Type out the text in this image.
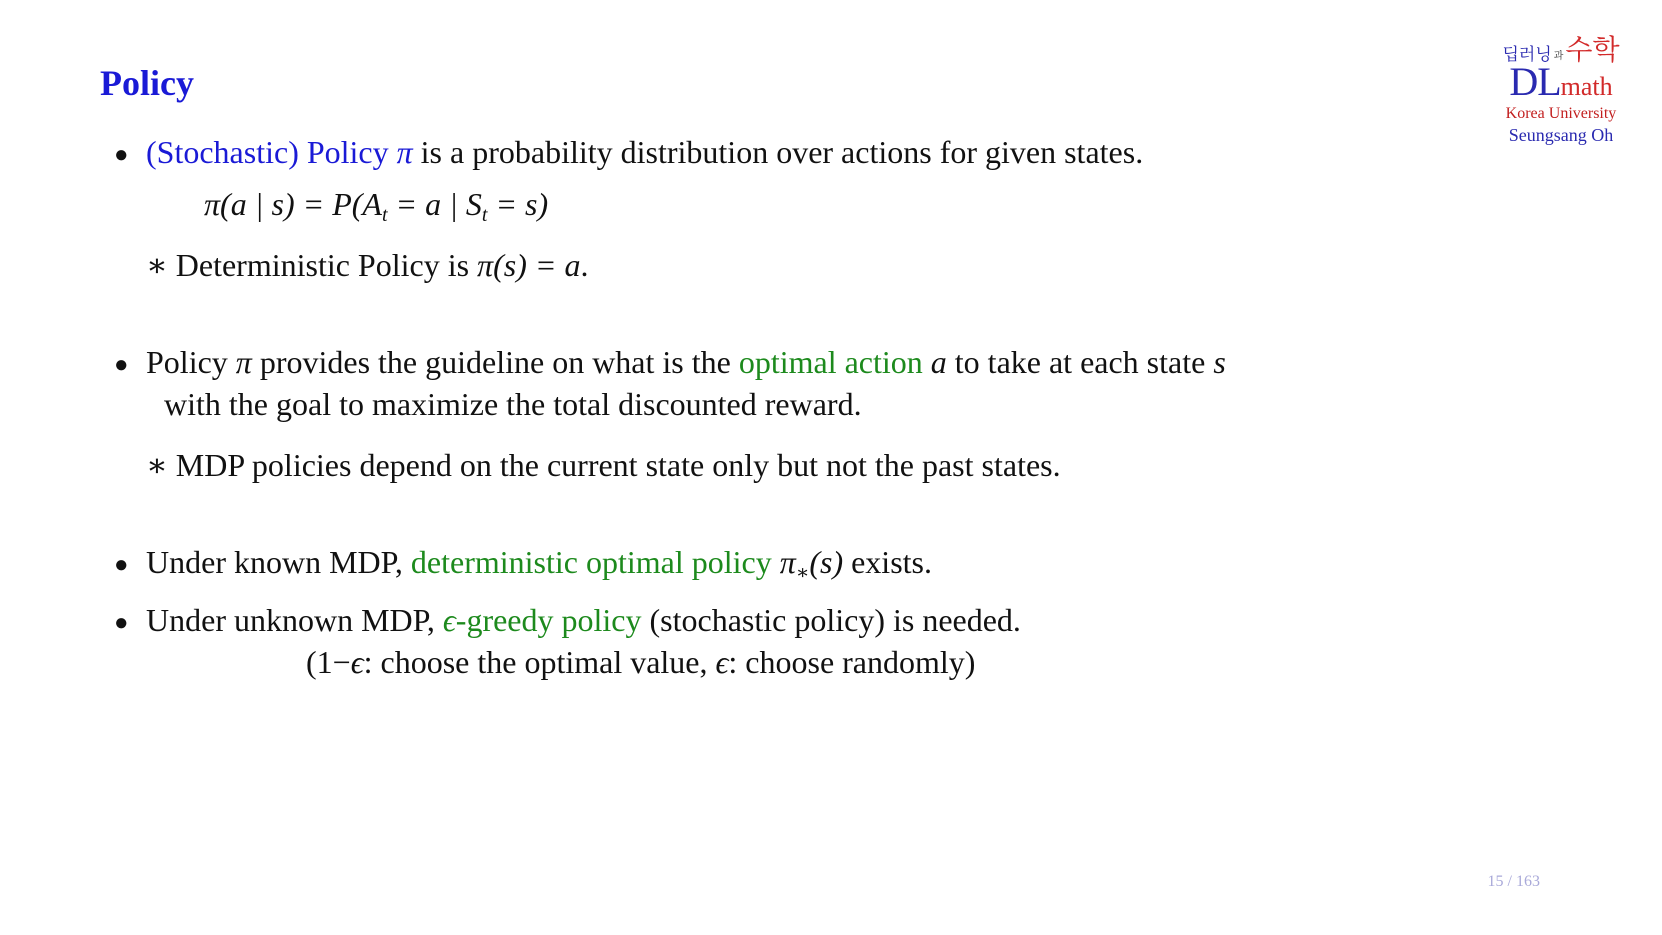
Policy
딥러닝 과 수학
DLmath
Korea University
Seungsang Oh
● (Stochastic) Policy π is a probability distribution over actions for given states.

π(a | $s) = P(A_t = a$ | $S_t = s$)

∗ Deterministic Policy is π(s) = a.

● Policy π provides the guideline on what is the optimal action a to take at each state s

with the goal to maximize the total discounted reward.

∗ MDP policies depend on the current state only but not the past states.

● Under known MDP, deterministic optimal policy π∗(s) exists.

● Under unknown MDP, ϵ-greedy policy (stochastic policy) is needed.

(1−ϵ: choose the optimal value, ϵ: choose randomly)

15 / 163
